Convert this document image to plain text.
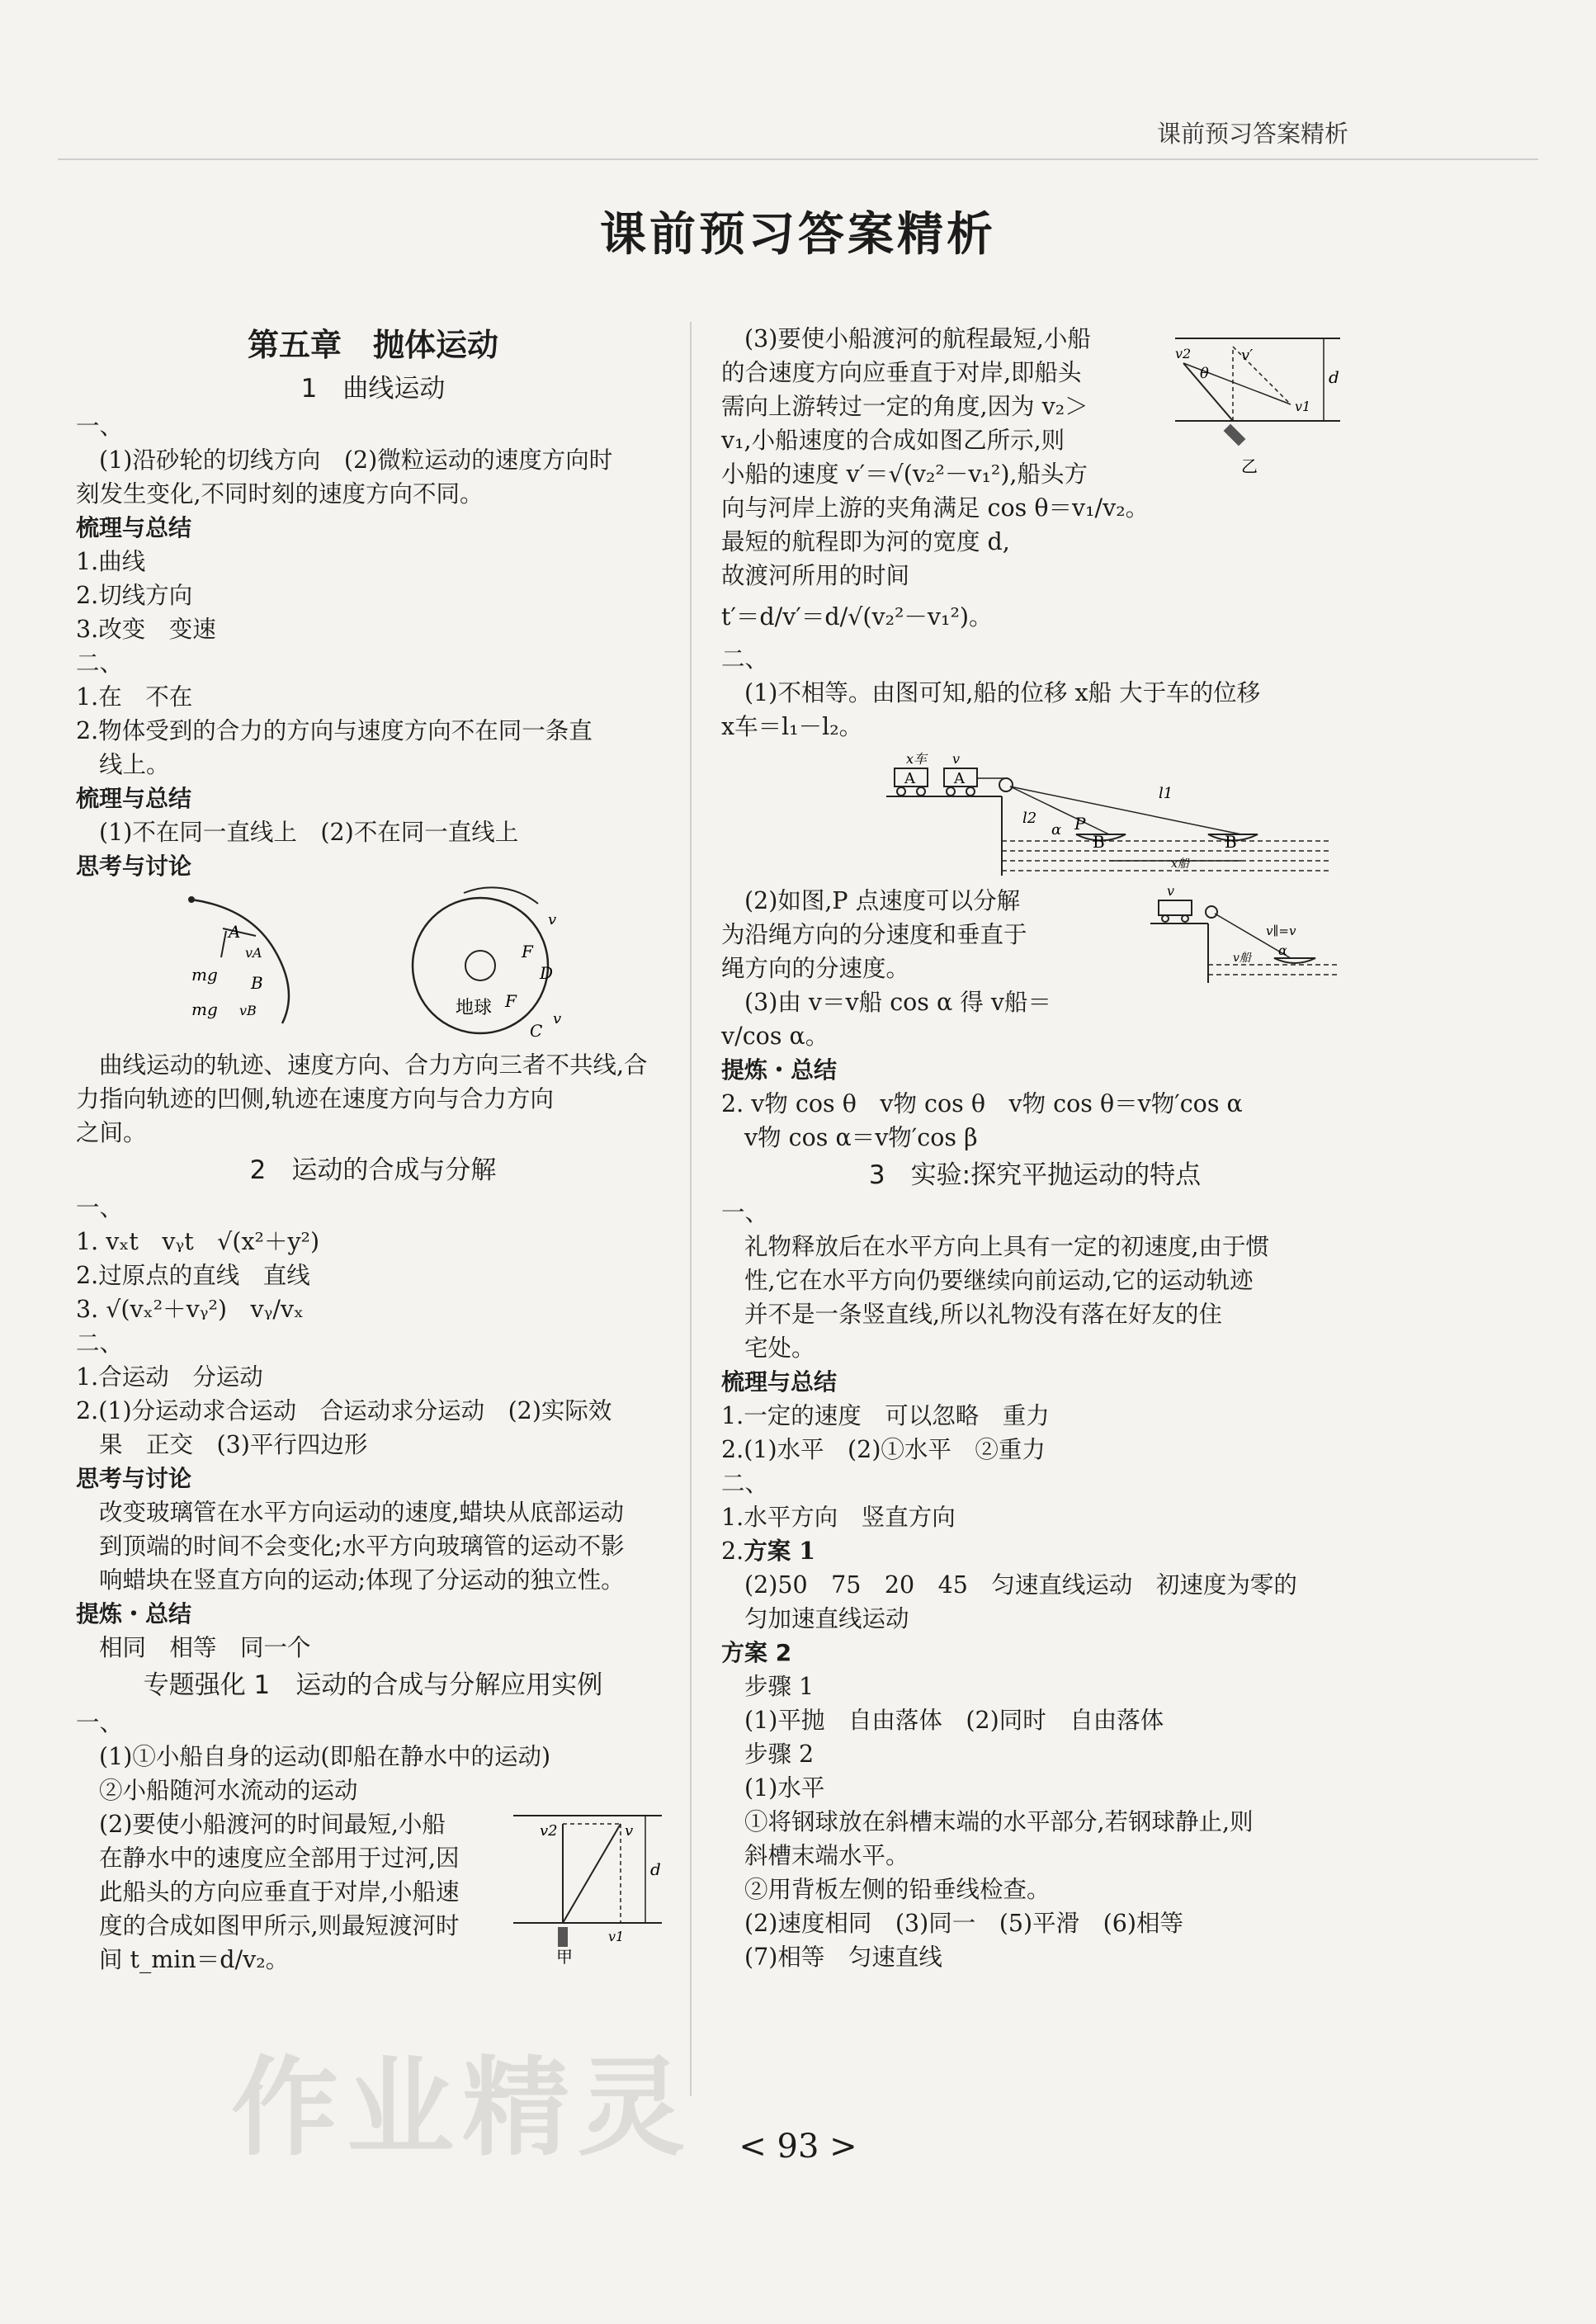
课前预习答案精析
课前预习答案精析
第五章　抛体运动
1　曲线运动
一、
(1)沿砂轮的切线方向　(2)微粒运动的速度方向时
刻发生变化,不同时刻的速度方向不同。
梳理与总结
1.曲线
2.切线方向
3.改变　变速
二、
1.在　不在
2.物体受到的合力的方向与速度方向不在同一条直
线上。
梳理与总结
(1)不在同一直线上　(2)不在同一直线上
思考与讨论
A
vA
mg B
mg vB	地球
F
D
F
C
v
v
曲线运动的轨迹、速度方向、合力方向三者不共线,合
力指向轨迹的凹侧,轨迹在速度方向与合力方向
之间。
2　运动的合成与分解
一、
1. vₓt　vᵧt　√(x²＋y²)
2.过原点的直线　直线
3. √(vₓ²＋vᵧ²)　vᵧ/vₓ
二、
1.合运动　分运动
2.(1)分运动求合运动　合运动求分运动　(2)实际效
果　正交　(3)平行四边形
思考与讨论
改变玻璃管在水平方向运动的速度,蜡块从底部运动
到顶端的时间不会变化;水平方向玻璃管的运动不影
响蜡块在竖直方向的运动;体现了分运动的独立性。
提炼・总结
相同　相等　同一个
专题强化 1　运动的合成与分解应用实例
一、
(1)①小船自身的运动(即船在静水中的运动)
②小船随河水流动的运动
(2)要使小船渡河的时间最短,小船
在静水中的速度应全部用于过河,因
此船头的方向应垂直于对岸,小船速
度的合成如图甲所示,则最短渡河时
间 t_min＝d/v₂。
v2	v
d
v1
甲
(3)要使小船渡河的航程最短,小船
的合速度方向应垂直于对岸,即船头
需向上游转过一定的角度,因为 v₂＞
v₁,小船速度的合成如图乙所示,则
小船的速度 v′＝√(v₂²－v₁²),船头方
向与河岸上游的夹角满足 cos θ＝v₁/v₂。
v2
θ
v′
v1
d
乙
最短的航程即为河的宽度 d,
故渡河所用的时间
t′＝d/v′＝d/√(v₂²－v₁²)。
二、
(1)不相等。由图可知,船的位移 x船 大于车的位移
x车＝l₁－l₂。
x车 v
A	A
l1
l2
α P
B	B
x船
(2)如图,P 点速度可以分解
为沿绳方向的分速度和垂直于
绳方向的分速度。
(3)由 v＝v船 cos α 得 v船＝
v/cos α。
v
v∥=v
v船 α
提炼・总结
2. v物 cos θ　v物 cos θ　v物 cos θ＝v物′cos α
v物 cos α＝v物′cos β
3　实验:探究平抛运动的特点
一、
礼物释放后在水平方向上具有一定的初速度,由于惯
性,它在水平方向仍要继续向前运动,它的运动轨迹
并不是一条竖直线,所以礼物没有落在好友的住
宅处。
梳理与总结
1.一定的速度　可以忽略　重力
2.(1)水平　(2)①水平　②重力
二、
1.水平方向　竖直方向
2.方案 1
(2)50　75　20　45　匀速直线运动　初速度为零的
匀加速直线运动
方案 2
步骤 1
(1)平抛　自由落体　(2)同时　自由落体
步骤 2
(1)水平
①将钢球放在斜槽末端的水平部分,若钢球静止,则
斜槽末端水平。
②用背板左侧的铅垂线检查。
(2)速度相同　(3)同一　(5)平滑　(6)相等
(7)相等　匀速直线
作业精灵	< 93 >
